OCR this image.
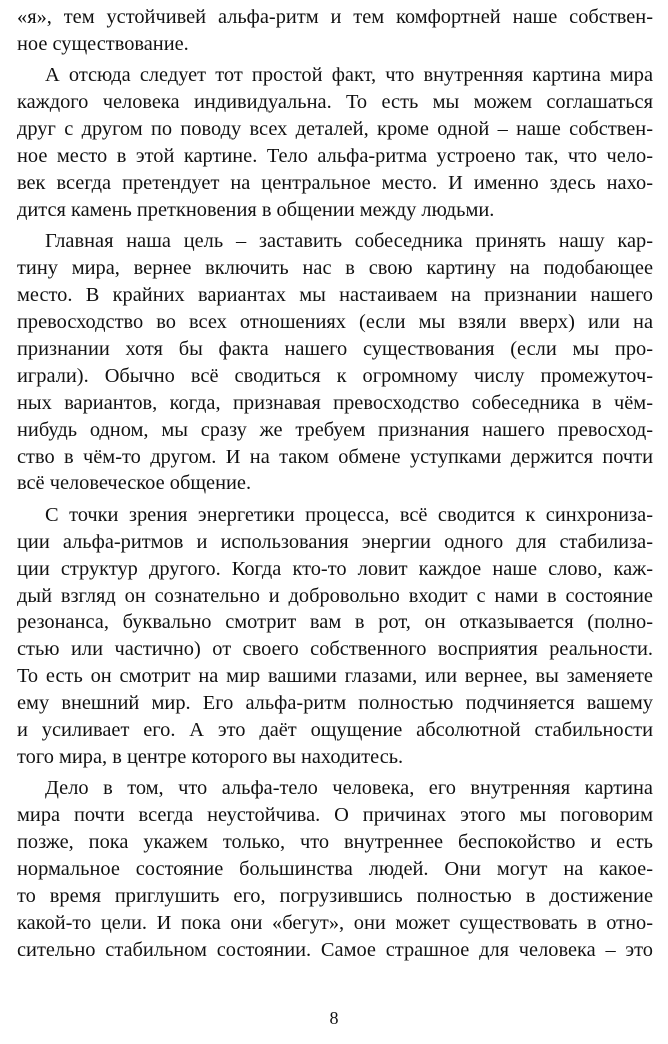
«я», тем устойчивей альфа-ритм и тем комфортней наше собствен-
ное существование.

А отсюда следует тот простой факт, что внутренняя картина мира
каждого человека индивидуальна. То есть мы можем соглашаться
друг с другом по поводу всех деталей, кроме одной – наше собствен-
ное место в этой картине. Тело альфа-ритма устроено так, что чело-
век всегда претендует на центральное место. И именно здесь нахо-
дится камень преткновения в общении между людьми.

Главная наша цель – заставить собеседника принять нашу кар-
тину мира, вернее включить нас в свою картину на подобающее
место. В крайних вариантах мы настаиваем на признании нашего
превосходство во всех отношениях (если мы взяли вверх) или на
признании хотя бы факта нашего существования (если мы про-
играли). Обычно всё сводиться к огромному числу промежуточ-
ных вариантов, когда, признавая превосходство собеседника в чём-
нибудь одном, мы сразу же требуем признания нашего превосход-
ство в чём-то другом. И на таком обмене уступками держится почти
всё человеческое общение.

С точки зрения энергетики процесса, всё сводится к синхрониза-
ции альфа-ритмов и использования энергии одного для стабилиза-
ции структур другого. Когда кто-то ловит каждое наше слово, каж-
дый взгляд он сознательно и добровольно входит с нами в состояние
резонанса, буквально смотрит вам в рот, он отказывается (полно-
стью или частично) от своего собственного восприятия реальности.
То есть он смотрит на мир вашими глазами, или вернее, вы заменяете
ему внешний мир. Его альфа-ритм полностью подчиняется вашему
и усиливает его. А это даёт ощущение абсолютной стабильности
того мира, в центре которого вы находитесь.

Дело в том, что альфа-тело человека, его внутренняя картина
мира почти всегда неустойчива. О причинах этого мы поговорим
позже, пока укажем только, что внутреннее беспокойство и есть
нормальное состояние большинства людей. Они могут на какое-
то время приглушить его, погрузившись полностью в достижение
какой-то цели. И пока они «бегут», они может существовать в отно-
сительно стабильном состоянии. Самое страшное для человека – это

8
